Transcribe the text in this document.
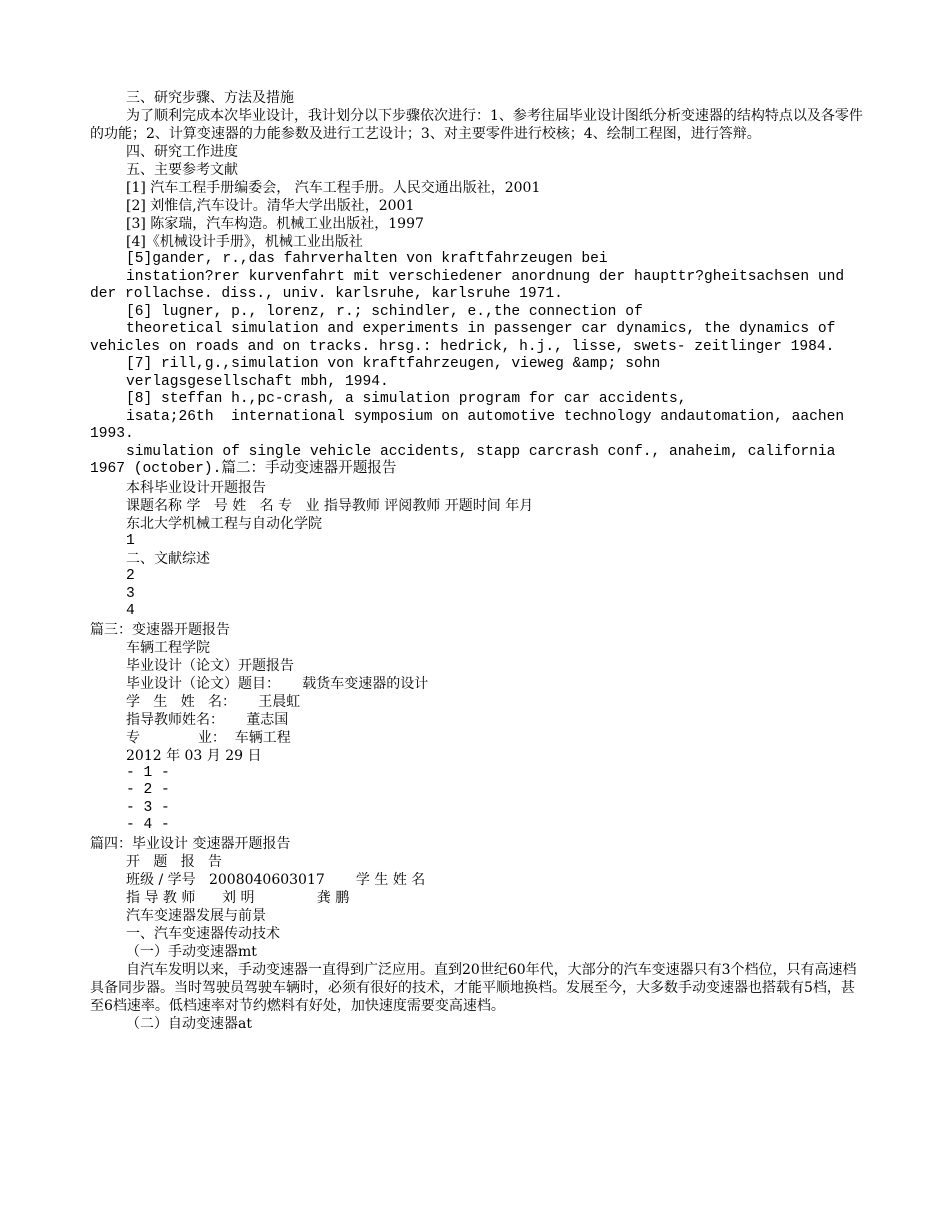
三、研究步骤、方法及措施
为了顺利完成本次毕业设计，我计划分以下步骤依次进行：1、参考往届毕业设计图纸分析变速器的结构特点以及各零件的功能；2、计算变速器的力能参数及进行工艺设计；3、对主要零件进行校核；4、绘制工程图，进行答辩。
四、研究工作进度
五、主要参考文献
[1] 汽车工程手册编委会， 汽车工程手册。人民交通出版社，2001
[2] 刘惟信,汽车设计。清华大学出版社，2001
[3] 陈家瑞，汽车构造。机械工业出版社，1997
[4]《机械设计手册》，机械工业出版社
[5]gander, r.,das fahrverhalten von kraftfahrzeugen bei
instation?rer kurvenfahrt mit verschiedener anordnung der haupttr?gheitsachsen und der rollachse. diss., univ. karlsruhe, karlsruhe 1971.
[6] lugner, p., lorenz, r.; schindler, e.,the connection of
theoretical simulation and experiments in passenger car dynamics, the dynamics of vehicles on roads and on tracks. hrsg.: hedrick, h.j., lisse, swets- zeitlinger 1984.
[7] rill,g.,simulation von kraftfahrzeugen, vieweg &amp; sohn
verlagsgesellschaft mbh, 1994.
[8] steffan h.,pc-crash, a simulation program for car accidents,
isata;26th  international symposium on automotive technology andautomation, aachen 1993.
simulation of single vehicle accidents, stapp carcrash conf., anaheim, california 1967 (october).篇二：手动变速器开题报告
本科毕业设计开题报告
课题名称 学   号 姓   名 专   业 指导教师 评阅教师 开题时间 年月
东北大学机械工程与自动化学院
1
二、文献综述
2
3
4
篇三：变速器开题报告
车辆工程学院
毕业设计（论文）开题报告
毕业设计（论文）题目：     载货车变速器的设计
学   生   姓   名：     王晨虹
指导教师姓名：     董志国
专             业：  车辆工程
2012 年 03 月 29 日
- 1 -
- 2 -
- 3 -
- 4 -
篇四：毕业设计 变速器开题报告
开   题   报   告
班级 / 学号   2008040603017       学 生 姓 名
指 导 教 师      刘 明              龚 鹏
汽车变速器发展与前景
一、汽车变速器传动技术
（一）手动变速器mt
自汽车发明以来，手动变速器一直得到广泛应用。直到20世纪60年代，大部分的汽车变速器只有3个档位，只有高速档具备同步器。当时驾驶员驾驶车辆时，必须有很好的技术，才能平顺地换档。发展至今，大多数手动变速器也搭载有5档，甚至6档速率。低档速率对节约燃料有好处，加快速度需要变高速档。
（二）自动变速器at
